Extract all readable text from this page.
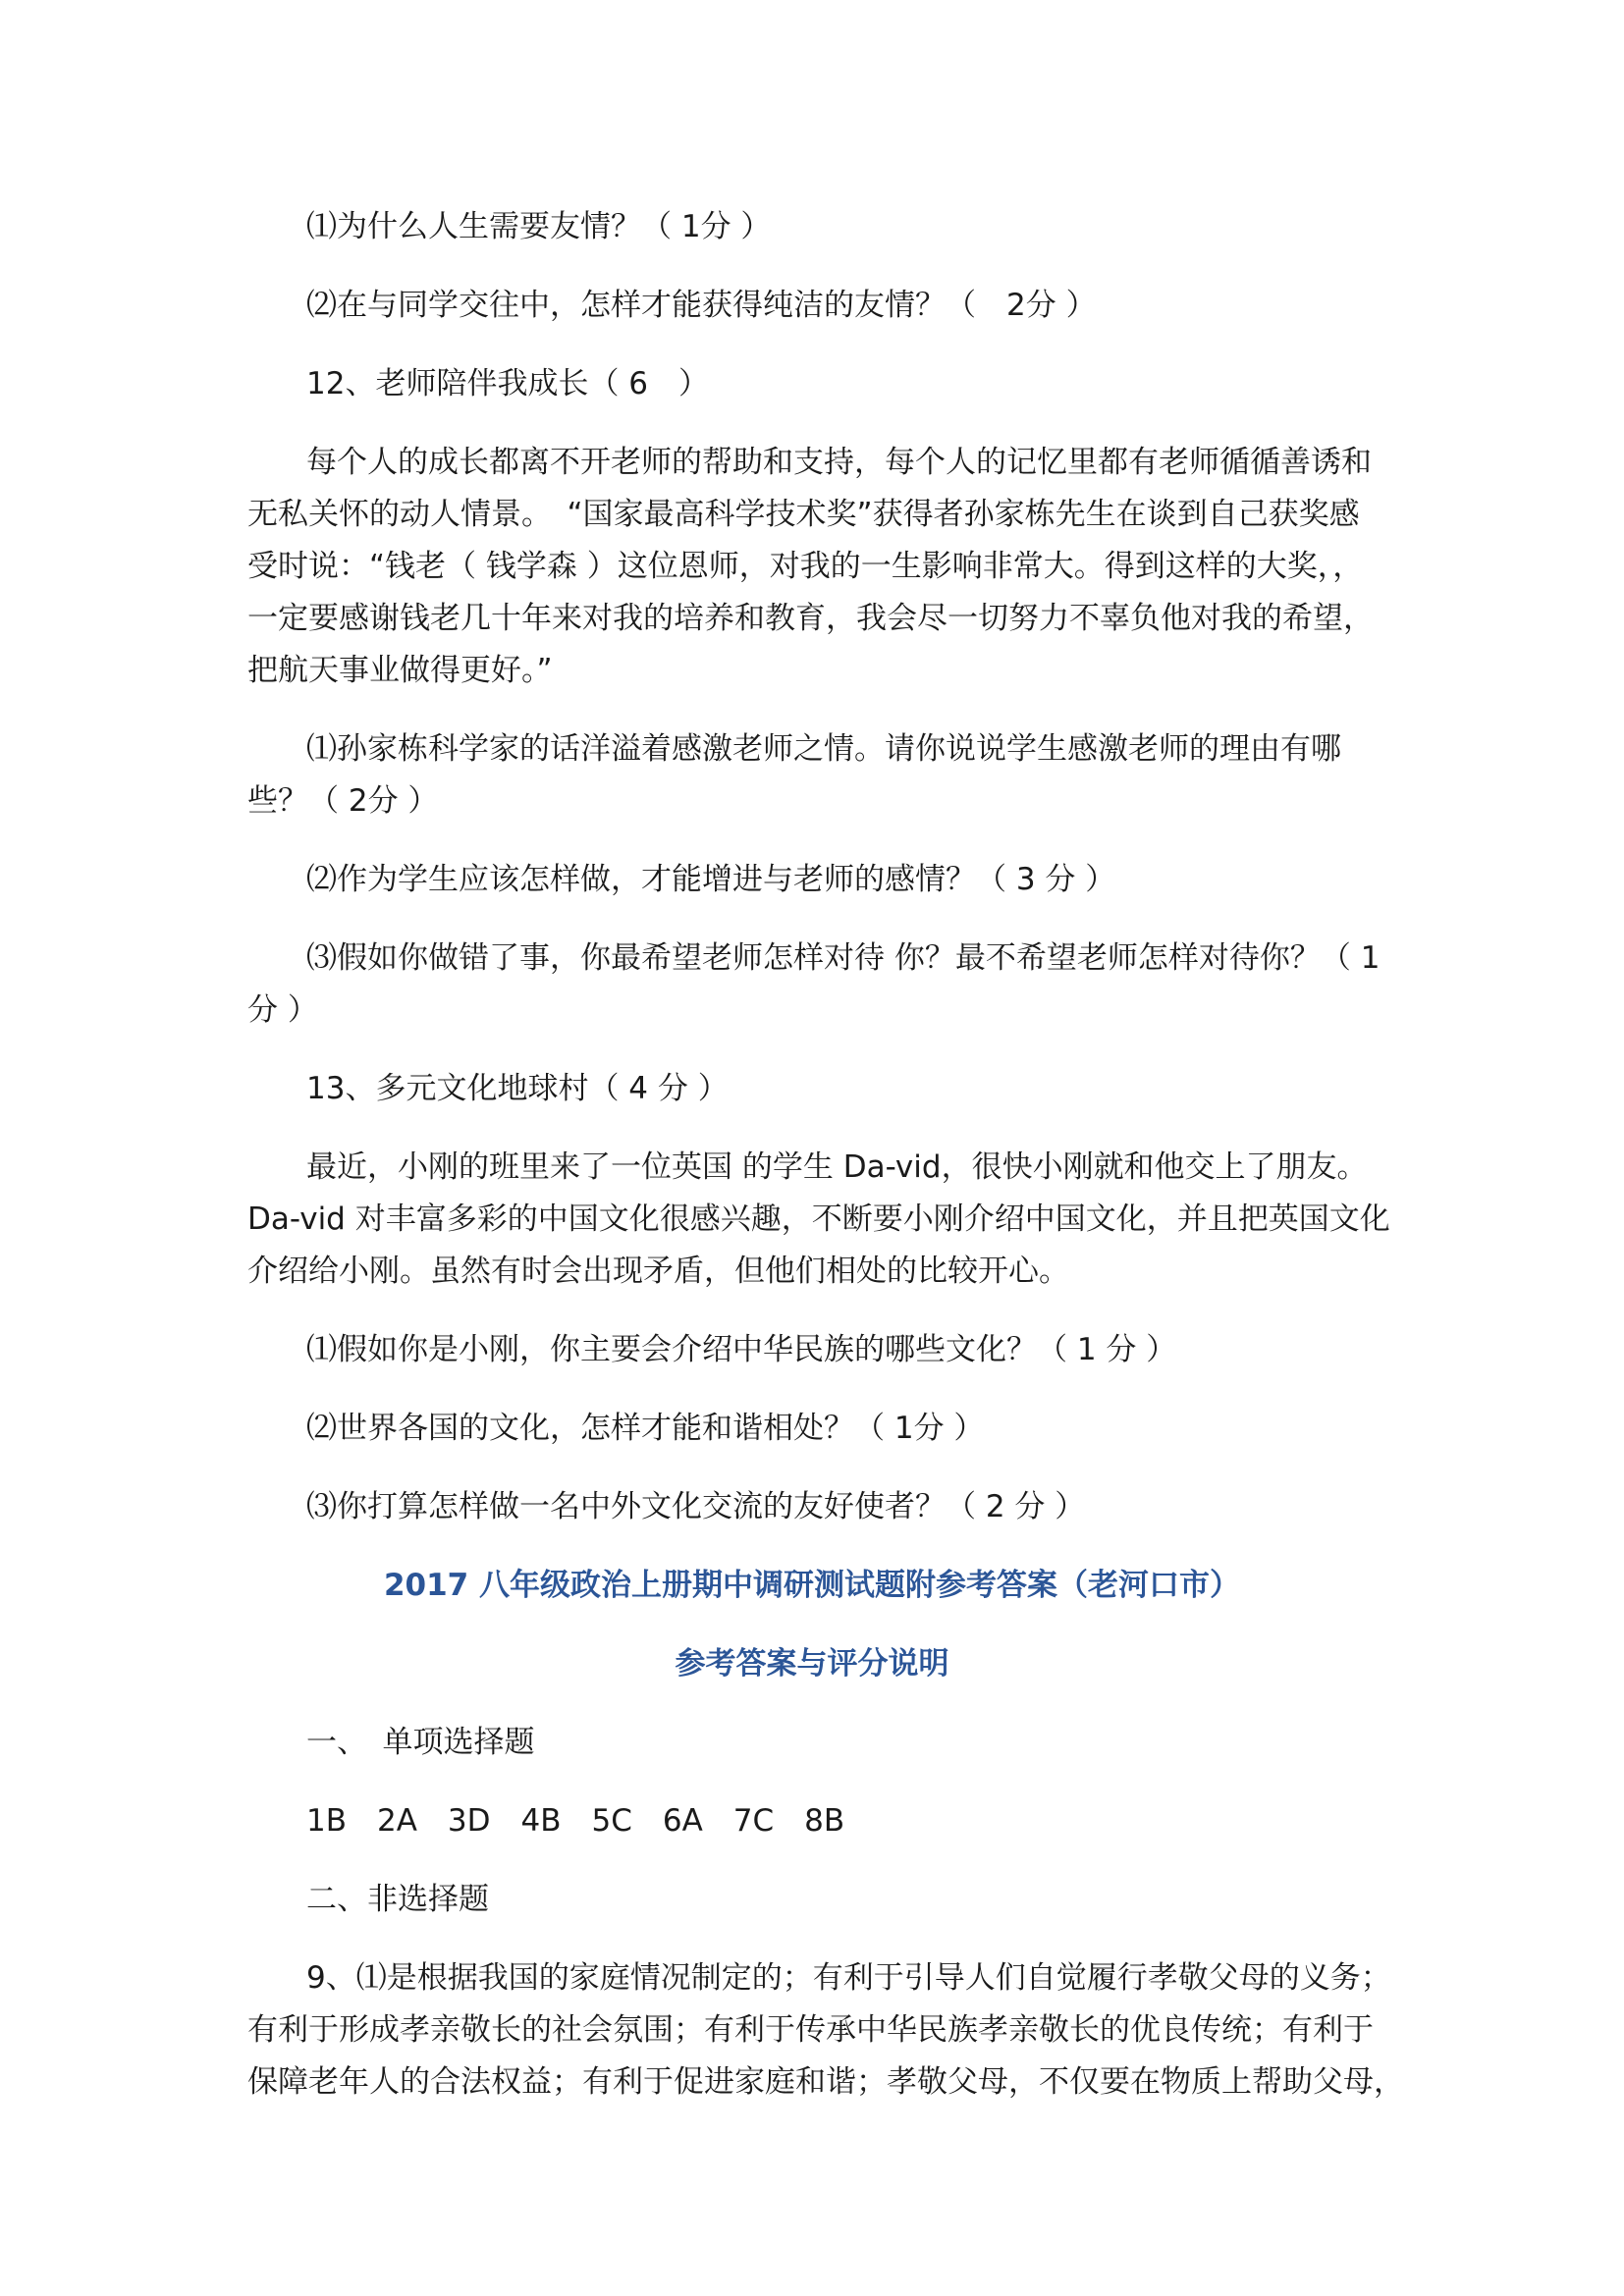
⑴为什么人生需要友情？（ 1分 ）
⑵在与同学交往中，怎样才能获得纯洁的友情？（　2分 ）
12、老师陪伴我成长（ 6　）
每个人的成长都离不开老师的帮助和支持，每个人的记忆里都有老师循循善诱和
无私关怀的动人情景。　“国家最高科学技术奖”获得者孙家栋先生在谈到自己获奖感
受时说：“钱老（ 钱学森 ）这位恩师，对我的一生影响非常大。得到这样的大奖，，
一定要感谢钱老几十年来对我的培养和教育，我会尽一切努力不辜负他对我的希望，
把航天事业做得更好。”
⑴孙家栋科学家的话洋溢着感激老师之情。请你说说学生感激老师的理由有哪
些？（ 2分 ）
⑵作为学生应该怎样做，才能增进与老师的感情？（ 3 分 ）
⑶假如你做错了事，你最希望老师怎样对待 你？最不希望老师怎样对待你？（ 1
分 ）
13、多元文化地球村（ 4 分 ）
最近，小刚的班里来了一位英国 的学生 Da-vid，很快小刚就和他交上了朋友。
Da-vid 对丰富多彩的中国文化很感兴趣，不断要小刚介绍中国文化，并且把英国文化
介绍给小刚。虽然有时会出现矛盾，但他们相处的比较开心。
⑴假如你是小刚，你主要会介绍中华民族的哪些文化？（ 1 分 ）
⑵世界各国的文化，怎样才能和谐相处？（ 1分 ）
⑶你打算怎样做一名中外文化交流的友好使者？（ 2 分 ）
2017 八年级政治上册期中调研测试题附参考答案（老河口市）
参考答案与评分说明
一、　单项选择题
1B　2A　3D　4B　5C　6A　7C　8B
二、非选择题
9、⑴是根据我国的家庭情况制定的；有利于引导人们自觉履行孝敬父母的义务；
有利于形成孝亲敬长的社会氛围；有利于传承中华民族孝亲敬长的优良传统；有利于
保障老年人的合法权益；有利于促进家庭和谐；孝敬父母，不仅要在物质上帮助父母，
